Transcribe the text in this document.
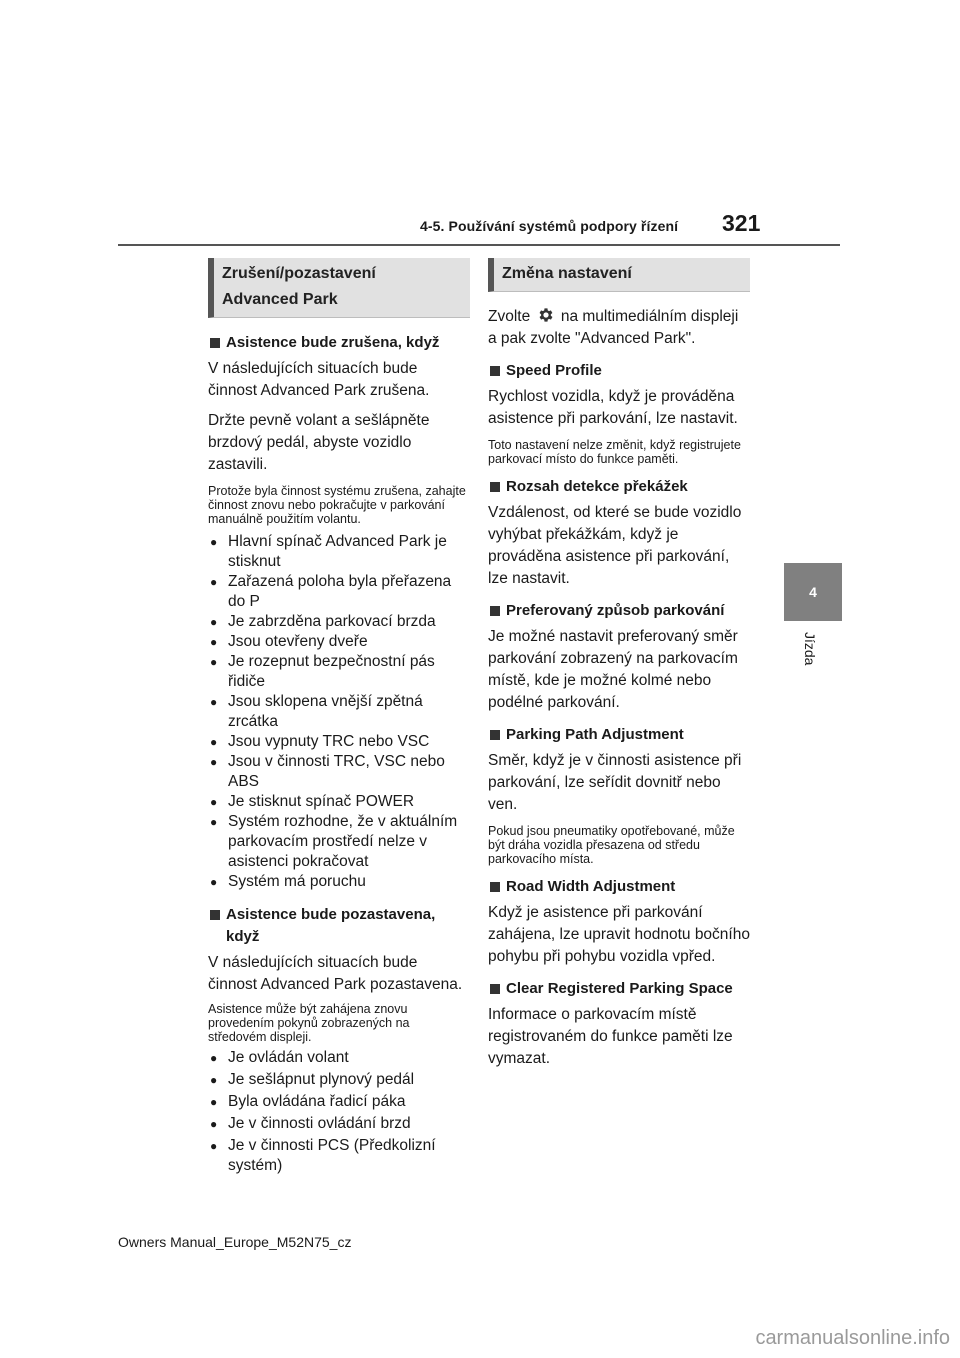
4-5. Používání systémů podpory řízení 321
4
Jízda
Zrušení/pozastavení
Advanced Park
Asistence bude zrušena, když
V následujících situacích bude činnost Advanced Park zrušena.
Držte pevně volant a sešlápněte brzdový pedál, abyste vozidlo zastavili.
Protože byla činnost systému zrušena, zahajte činnost znovu nebo pokračujte v parkování manuálně použitím volantu.
● Hlavní spínač Advanced Park je stisknut
● Zařazená poloha byla přeřazena do P
● Je zabrzděna parkovací brzda
● Jsou otevřeny dveře
● Je rozepnut bezpečnostní pás řidiče
● Jsou sklopena vnější zpětná zrcátka
● Jsou vypnuty TRC nebo VSC
● Jsou v činnosti TRC, VSC nebo ABS
● Je stisknut spínač POWER
● Systém rozhodne, že v aktuálním parkovacím prostředí nelze v asistenci pokračovat
● Systém má poruchu
Asistence bude pozastavena, když
V následujících situacích bude činnost Advanced Park pozastavena.
Asistence může být zahájena znovu provedením pokynů zobrazených na středovém displeji.
● Je ovládán volant
● Je sešlápnut plynový pedál
● Byla ovládána řadicí páka
● Je v činnosti ovládání brzd
● Je v činnosti PCS (Předkolizní systém)
Změna nastavení
Zvolte na multimediálním displeji a pak zvolte "Advanced Park".
Speed Profile
Rychlost vozidla, když je prováděna asistence při parkování, lze nastavit.
Toto nastavení nelze změnit, když registrujete parkovací místo do funkce paměti.
Rozsah detekce překážek
Vzdálenost, od které se bude vozidlo vyhýbat překážkám, když je prováděna asistence při parkování, lze nastavit.
Preferovaný způsob parkování
Je možné nastavit preferovaný směr parkování zobrazený na parkovacím místě, kde je možné kolmé nebo podélné parkování.
Parking Path Adjustment
Směr, když je v činnosti asistence při parkování, lze seřídit dovnitř nebo ven.
Pokud jsou pneumatiky opotřebované, může být dráha vozidla přesazena od středu parkovacího místa.
Road Width Adjustment
Když je asistence při parkování zahájena, lze upravit hodnotu bočního pohybu při pohybu vozidla vpřed.
Clear Registered Parking Space
Informace o parkovacím místě registrovaném do funkce paměti lze vymazat.
Owners Manual_Europe_M52N75_cz
carmanualsonline.info
